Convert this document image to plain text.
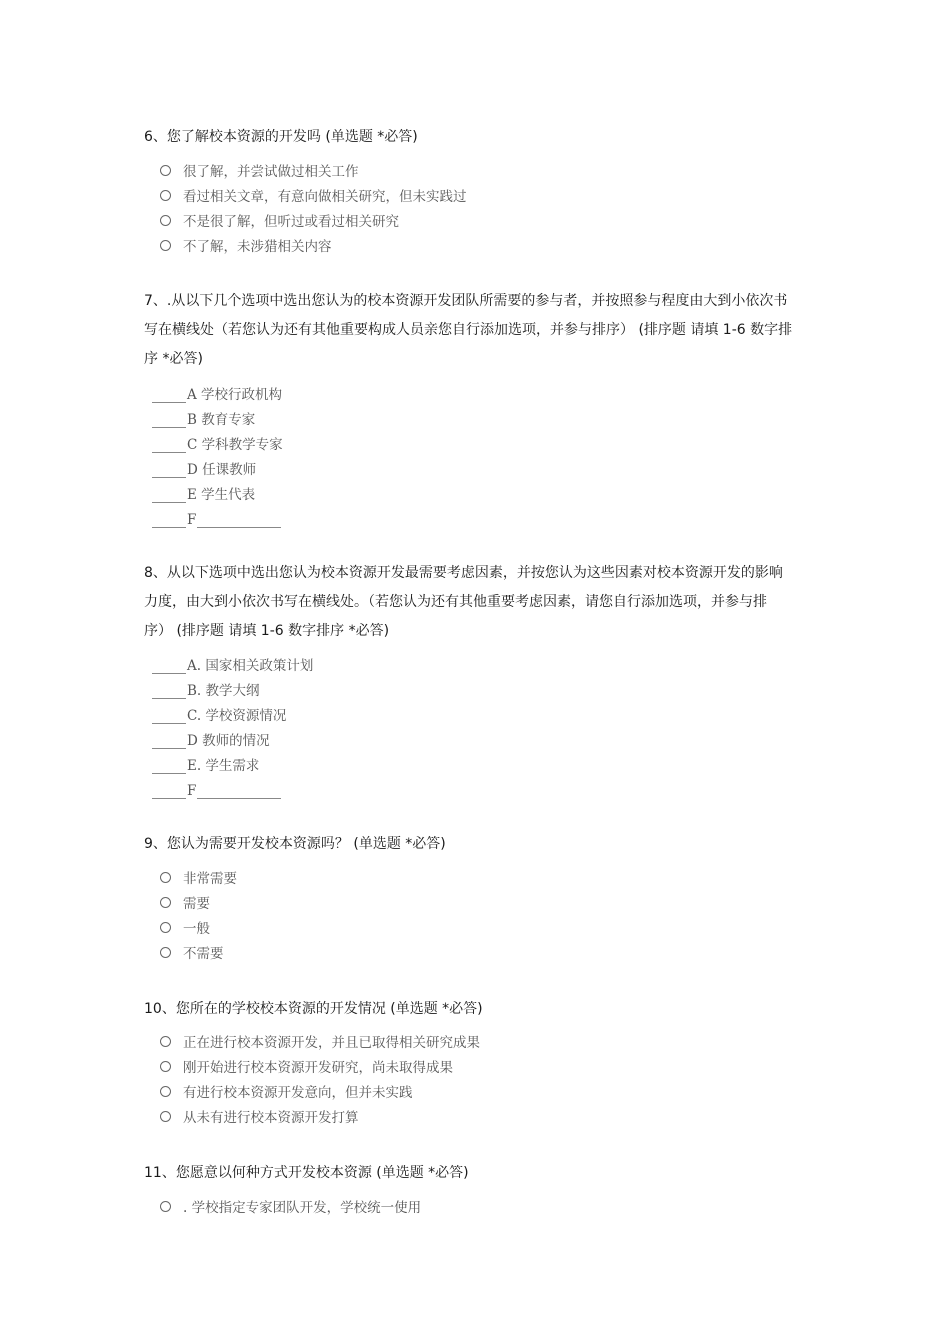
6、您了解校本资源的开发吗 (单选题 *必答)
很了解，并尝试做过相关工作
看过相关文章，有意向做相关研究，但未实践过
不是很了解，但听过或看过相关研究
不了解，未涉猎相关内容
7、.从以下几个选项中选出您认为的校本资源开发团队所需要的参与者，并按照参与程度由大到小依次书
写在横线处（若您认为还有其他重要构成人员亲您自行添加选项，并参与排序） (排序题 请填 1-6 数字排
序 *必答)
A 学校行政机构
B 教育专家
C 学科教学专家
D 任课教师
E 学生代表
F
8、从以下选项中选出您认为校本资源开发最需要考虑因素，并按您认为这些因素对校本资源开发的影响
力度，由大到小依次书写在横线处。（若您认为还有其他重要考虑因素，请您自行添加选项，并参与排
序） (排序题 请填 1-6 数字排序 *必答)
A. 国家相关政策计划
B. 教学大纲
C. 学校资源情况
D 教师的情况
E. 学生需求
F
9、您认为需要开发校本资源吗？ (单选题 *必答)
非常需要
需要
一般
不需要
10、您所在的学校校本资源的开发情况 (单选题 *必答)
正在进行校本资源开发，并且已取得相关研究成果
刚开始进行校本资源开发研究，尚未取得成果
有进行校本资源开发意向，但并未实践
从未有进行校本资源开发打算
11、您愿意以何种方式开发校本资源 (单选题 *必答)
. 学校指定专家团队开发，学校统一使用
